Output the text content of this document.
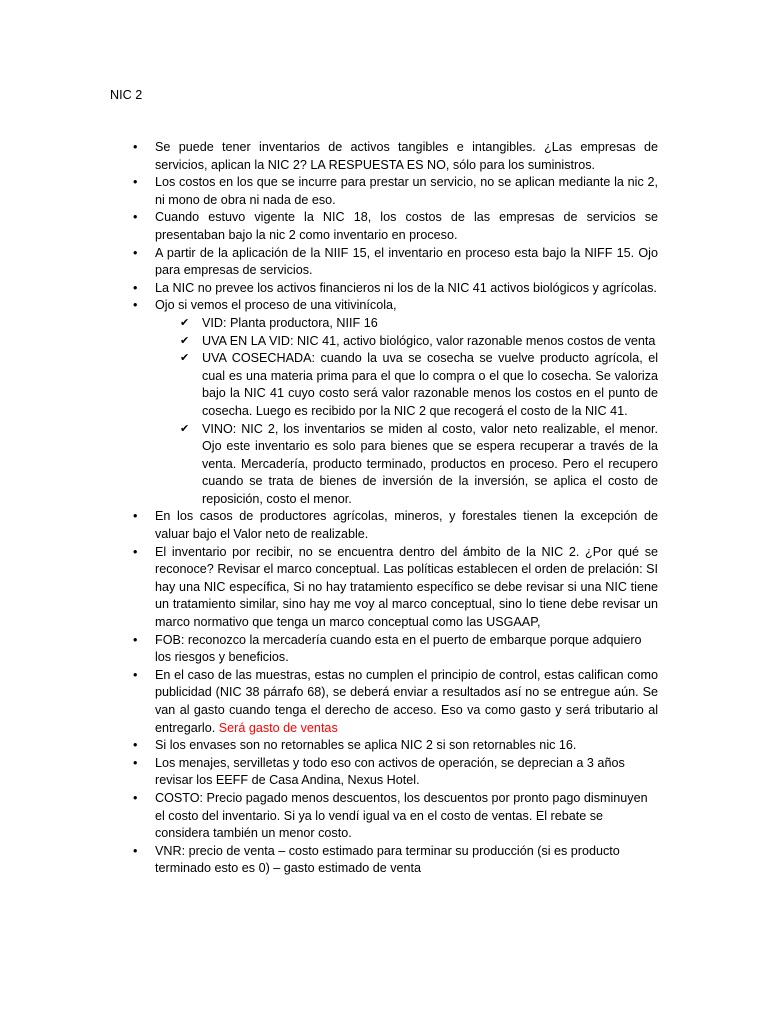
NIC 2
• Se puede tener inventarios de activos tangibles e intangibles. ¿Las empresas de servicios, aplican la NIC 2? LA RESPUESTA ES NO, sólo para los suministros.
• Los costos en los que se incurre para prestar un servicio, no se aplican mediante la nic 2, ni mono de obra ni nada de eso.
• Cuando estuvo vigente la NIC 18, los costos de las empresas de servicios se presentaban bajo la nic 2 como inventario en proceso.
• A partir de la aplicación de la NIIF 15, el inventario en proceso esta bajo la NIFF 15. Ojo para empresas de servicios.
• La NIC no prevee los activos financieros ni los de la NIC 41 activos biológicos y agrícolas.
• Ojo si vemos el proceso de una vitivinícola,
✔ VID: Planta productora, NIIF 16
✔ UVA EN LA VID: NIC 41, activo biológico, valor razonable menos costos de venta
✔ UVA COSECHADA: cuando la uva se cosecha se vuelve producto agrícola, el cual es una materia prima para el que lo compra o el que lo cosecha. Se valoriza bajo la NIC 41 cuyo costo será valor razonable menos los costos en el punto de cosecha. Luego es recibido por la NIC 2 que recogerá el costo de la NIC 41.
✔ VINO: NIC 2, los inventarios se miden al costo, valor neto realizable, el menor. Ojo este inventario es solo para bienes que se espera recuperar a través de la venta. Mercadería, producto terminado, productos en proceso. Pero el recupero cuando se trata de bienes de inversión de la inversión, se aplica el costo de reposición, costo el menor.
• En los casos de productores agrícolas, mineros, y forestales tienen la excepción de valuar bajo el Valor neto de realizable.
• El inventario por recibir, no se encuentra dentro del ámbito de la NIC 2. ¿Por qué se reconoce? Revisar el marco conceptual. Las políticas establecen el orden de prelación: SI hay una NIC específica, Si no hay tratamiento específico se debe revisar si una NIC tiene un tratamiento similar, sino hay me voy al marco conceptual, sino lo tiene debe revisar un marco normativo que tenga un marco conceptual como las USGAAP,
• FOB: reconozco la mercadería cuando esta en el puerto de embarque porque adquiero los riesgos y beneficios.
• En el caso de las muestras, estas no cumplen el principio de control, estas califican como publicidad (NIC 38 párrafo 68), se deberá enviar a resultados así no se entregue aún. Se van al gasto cuando tenga el derecho de acceso. Eso va como gasto y será tributario al entregarlo. Será gasto de ventas
• Si los envases son no retornables se aplica NIC 2 si son retornables nic 16.
• Los menajes, servilletas y todo eso con activos de operación, se deprecian a 3 años revisar los EEFF de Casa Andina, Nexus Hotel.
• COSTO: Precio pagado menos descuentos, los descuentos por pronto pago disminuyen el costo del inventario. Si ya lo vendí igual va en el costo de ventas. El rebate se considera también un menor costo.
• VNR: precio de venta – costo estimado para terminar su producción (si es producto terminado esto es 0) – gasto estimado de venta
